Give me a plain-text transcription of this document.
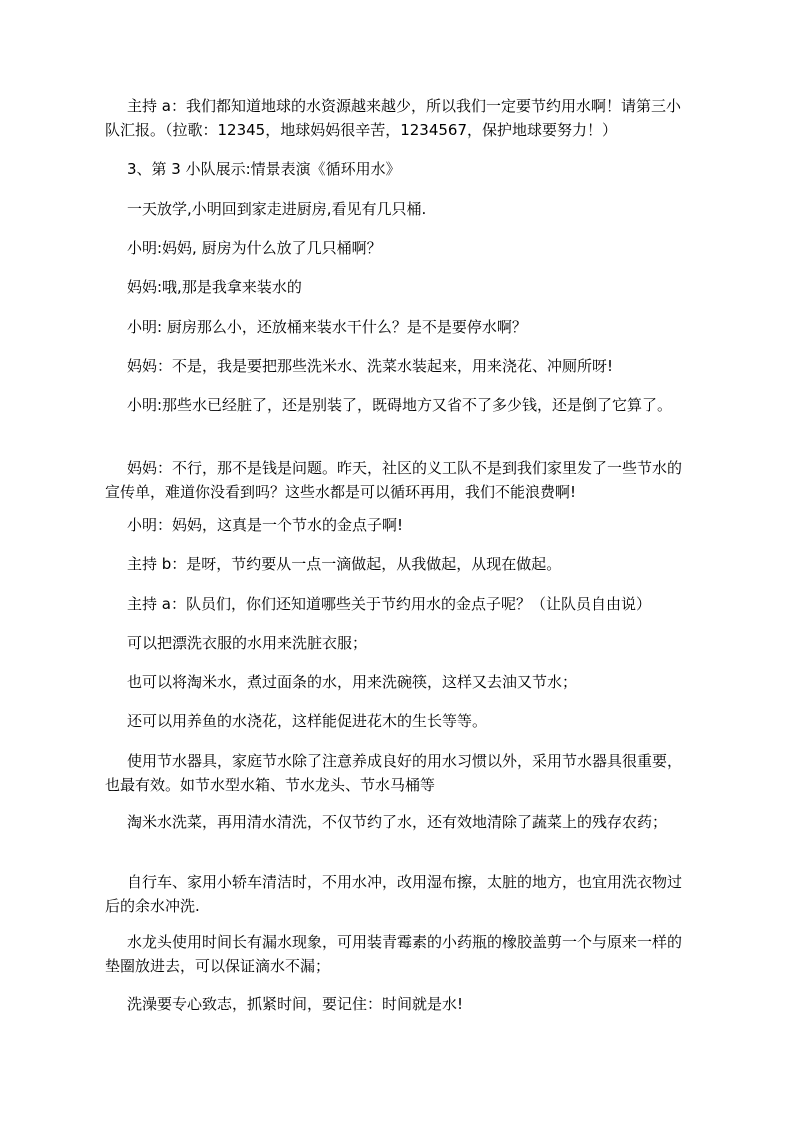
主持 a：我们都知道地球的水资源越来越少，所以我们一定要节约用水啊！请第三小队汇报。（拉歌：12345，地球妈妈很辛苦，1234567，保护地球要努力！）

3、第 3 小队展示:情景表演《循环用水》

一天放学,小明回到家走进厨房,看见有几只桶.

小明:妈妈, 厨房为什么放了几只桶啊？

妈妈:哦,那是我拿来装水的

小明: 厨房那么小，还放桶来装水干什么？是不是要停水啊？

妈妈：不是，我是要把那些洗米水、洗菜水装起来，用来浇花、冲厕所呀!

小明:那些水已经脏了，还是别装了，既碍地方又省不了多少钱，还是倒了它算了。

妈妈：不行，那不是钱是问题。昨天，社区的义工队不是到我们家里发了一些节水的宣传单，难道你没看到吗？这些水都是可以循环再用，我们不能浪费啊!

小明：妈妈，这真是一个节水的金点子啊!

主持 b：是呀，节约要从一点一滴做起，从我做起，从现在做起。

主持 a：队员们，你们还知道哪些关于节约用水的金点子呢？（让队员自由说）

可以把漂洗衣服的水用来洗脏衣服；

也可以将淘米水，煮过面条的水，用来洗碗筷，这样又去油又节水；

还可以用养鱼的水浇花，这样能促进花木的生长等等。

使用节水器具，家庭节水除了注意养成良好的用水习惯以外，采用节水器具很重要，也最有效。如节水型水箱、节水龙头、节水马桶等

淘米水洗菜，再用清水清洗，不仅节约了水，还有效地清除了蔬菜上的残存农药；

自行车、家用小轿车清洁时，不用水冲，改用湿布擦，太脏的地方，也宜用洗衣物过后的余水冲洗.

水龙头使用时间长有漏水现象，可用装青霉素的小药瓶的橡胶盖剪一个与原来一样的垫圈放进去，可以保证滴水不漏；

洗澡要专心致志，抓紧时间，要记住：时间就是水!
